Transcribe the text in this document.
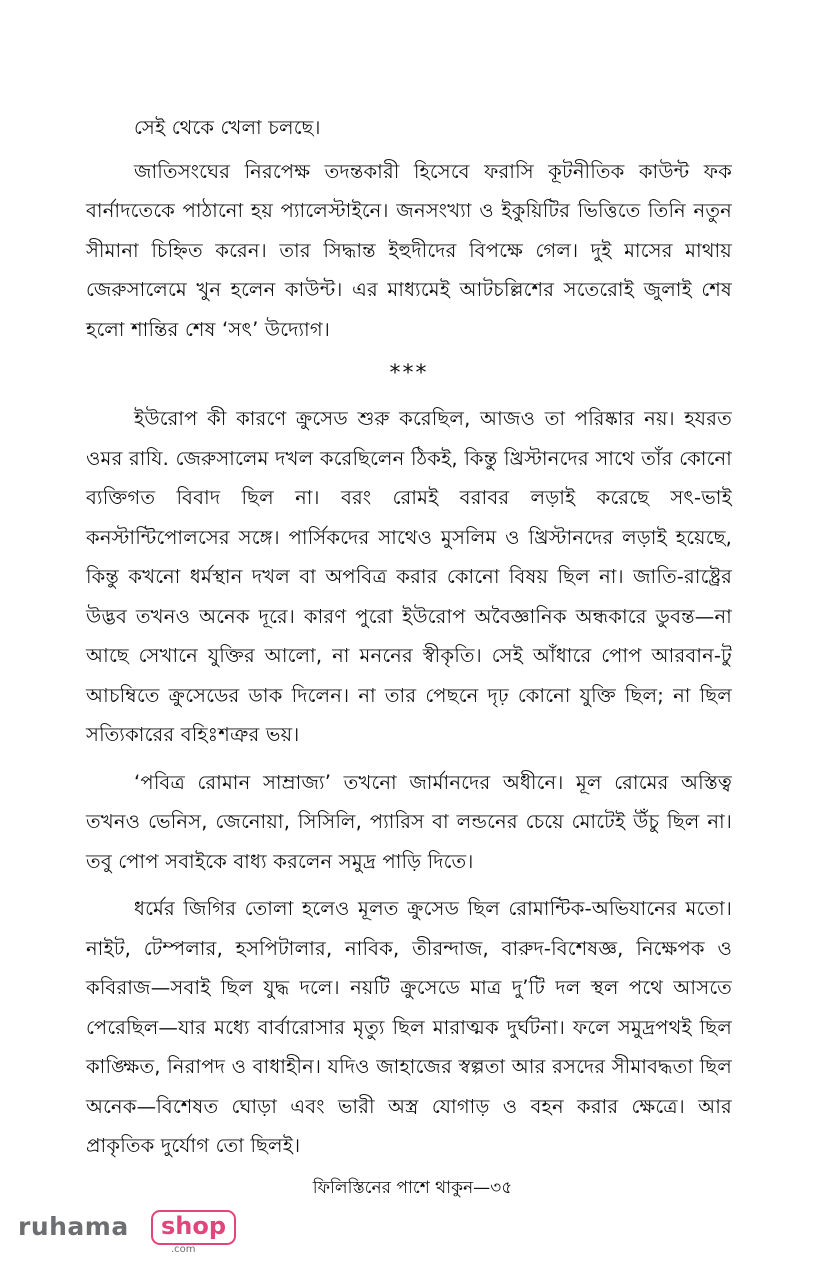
সেই থেকে খেলা চলছে।

জাতিসংঘের নিরপেক্ষ তদন্তকারী হিসেবে ফরাসি কূটনীতিক কাউন্ট ফক বার্নাদতেকে পাঠানো হয় প্যালেস্টাইনে। জনসংখ্যা ও ইকুয়িটির ভিত্তিতে তিনি নতুন সীমানা চিহ্নিত করেন। তার সিদ্ধান্ত ইহুদীদের বিপক্ষে গেল। দুই মাসের মাথায় জেরুসালেমে খুন হলেন কাউন্ট। এর মাধ্যমেই আটচল্লিশের সতেরোই জুলাই শেষ হলো শান্তির শেষ ‘সৎ’ উদ্যোগ।

***

ইউরোপ কী কারণে ক্রুসেড শুরু করেছিল, আজও তা পরিষ্কার নয়। হযরত ওমর রাযি. জেরুসালেম দখল করেছিলেন ঠিকই, কিন্তু খ্রিস্টানদের সাথে তাঁর কোনো ব্যক্তিগত বিবাদ ছিল না। বরং রোমই বরাবর লড়াই করেছে সৎ-ভাই কনস্টান্টিপোলসের সঙ্গে। পার্সিকদের সাথেও মুসলিম ও খ্রিস্টানদের লড়াই হয়েছে, কিন্তু কখনো ধর্মস্থান দখল বা অপবিত্র করার কোনো বিষয় ছিল না। জাতি-রাষ্ট্রের উদ্ভব তখনও অনেক দূরে। কারণ পুরো ইউরোপ অবৈজ্ঞানিক অন্ধকারে ডুবন্ত—না আছে সেখানে যুক্তির আলো, না মননের স্বীকৃতি। সেই আঁধারে পোপ আরবান-টু আচম্বিতে ক্রুসেডের ডাক দিলেন। না তার পেছনে দৃঢ় কোনো যুক্তি ছিল; না ছিল সত্যিকারের বহিঃশত্রুর ভয়।

‘পবিত্র রোমান সাম্রাজ্য’ তখনো জার্মানদের অধীনে। মূল রোমের অস্তিত্ব তখনও ভেনিস, জেনোয়া, সিসিলি, প্যারিস বা লন্ডনের চেয়ে মোটেই উঁচু ছিল না। তবু পোপ সবাইকে বাধ্য করলেন সমুদ্র পাড়ি দিতে।

ধর্মের জিগির তোলা হলেও মূলত ক্রুসেড ছিল রোমান্টিক-অভিযানের মতো। নাইট, টেম্পলার, হসপিটালার, নাবিক, তীরন্দাজ, বারুদ-বিশেষজ্ঞ, নিক্ষেপক ও কবিরাজ—সবাই ছিল যুদ্ধ দলে। নয়টি ক্রুসেডে মাত্র দু’টি দল স্থল পথে আসতে পেরেছিল—যার মধ্যে বার্বারোসার মৃত্যু ছিল মারাত্মক দুর্ঘটনা। ফলে সমুদ্রপথই ছিল কাঙ্ক্ষিত, নিরাপদ ও বাধাহীন। যদিও জাহাজের স্বল্পতা আর রসদের সীমাবদ্ধতা ছিল অনেক—বিশেষত ঘোড়া এবং ভারী অস্ত্র যোগাড় ও বহন করার ক্ষেত্রে। আর প্রাকৃতিক দুর্যোগ তো ছিলই।

ফিলিস্তিনের পাশে থাকুন—৩৫
ruhama	shop
.com
